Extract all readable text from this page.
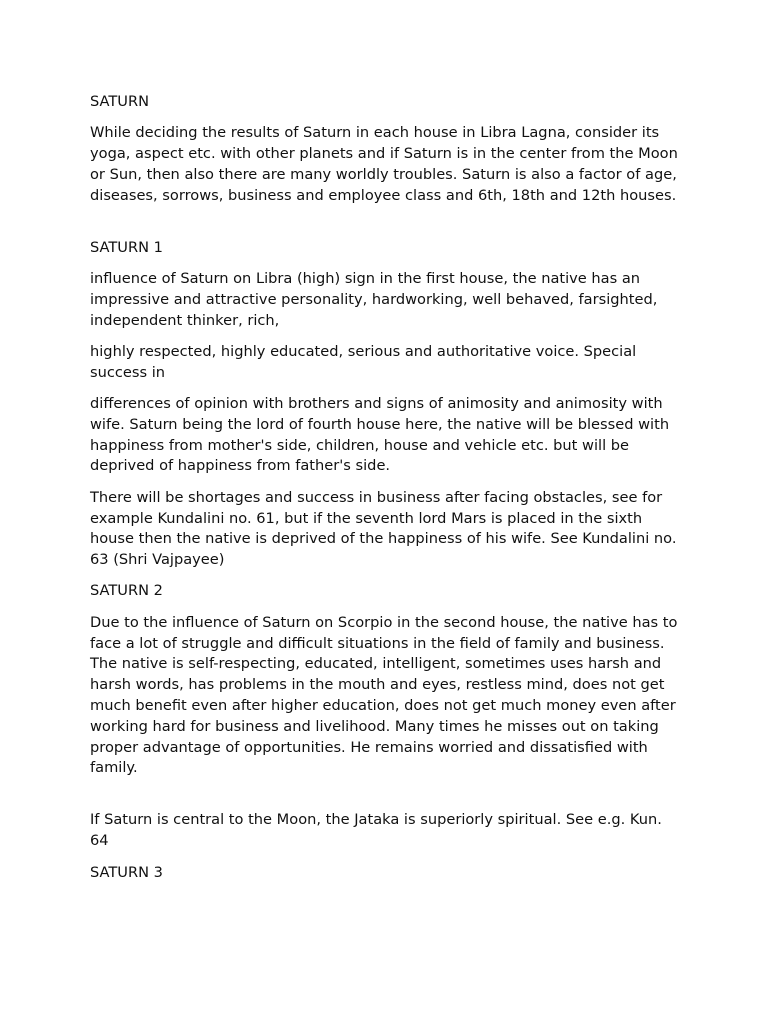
SATURN
While deciding the results of Saturn in each house in Libra Lagna, consider its yoga, aspect etc. with other planets and if Saturn is in the center from the Moon or Sun, then also there are many worldly troubles. Saturn is also a factor of age, diseases, sorrows, business and employee class and 6th, 18th and 12th houses.
SATURN 1
influence of Saturn on Libra (high) sign in the first house, the native has an impressive and attractive personality, hardworking, well behaved, farsighted, independent thinker, rich,
highly respected, highly educated, serious and authoritative voice. Special success in
differences of opinion with brothers and signs of animosity and animosity with wife. Saturn being the lord of fourth house here, the native will be blessed with happiness from mother's side, children, house and vehicle etc. but will be deprived of happiness from father's side.
There will be shortages and success in business after facing obstacles, see for example Kundalini no. 61, but if the seventh lord Mars is placed in the sixth house then the native is deprived of the happiness of his wife. See Kundalini no. 63 (Shri Vajpayee)
SATURN 2
Due to the influence of Saturn on Scorpio in the second house, the native has to face a lot of struggle and difficult situations in the field of family and business. The native is self-respecting, educated, intelligent, sometimes uses harsh and harsh words, has problems in the mouth and eyes, restless mind, does not get much benefit even after higher education, does not get much money even after working hard for business and livelihood. Many times he misses out on taking proper advantage of opportunities. He remains worried and dissatisfied with family.
If Saturn is central to the Moon, the Jataka is superiorly spiritual. See e.g. Kun. 64
SATURN 3
